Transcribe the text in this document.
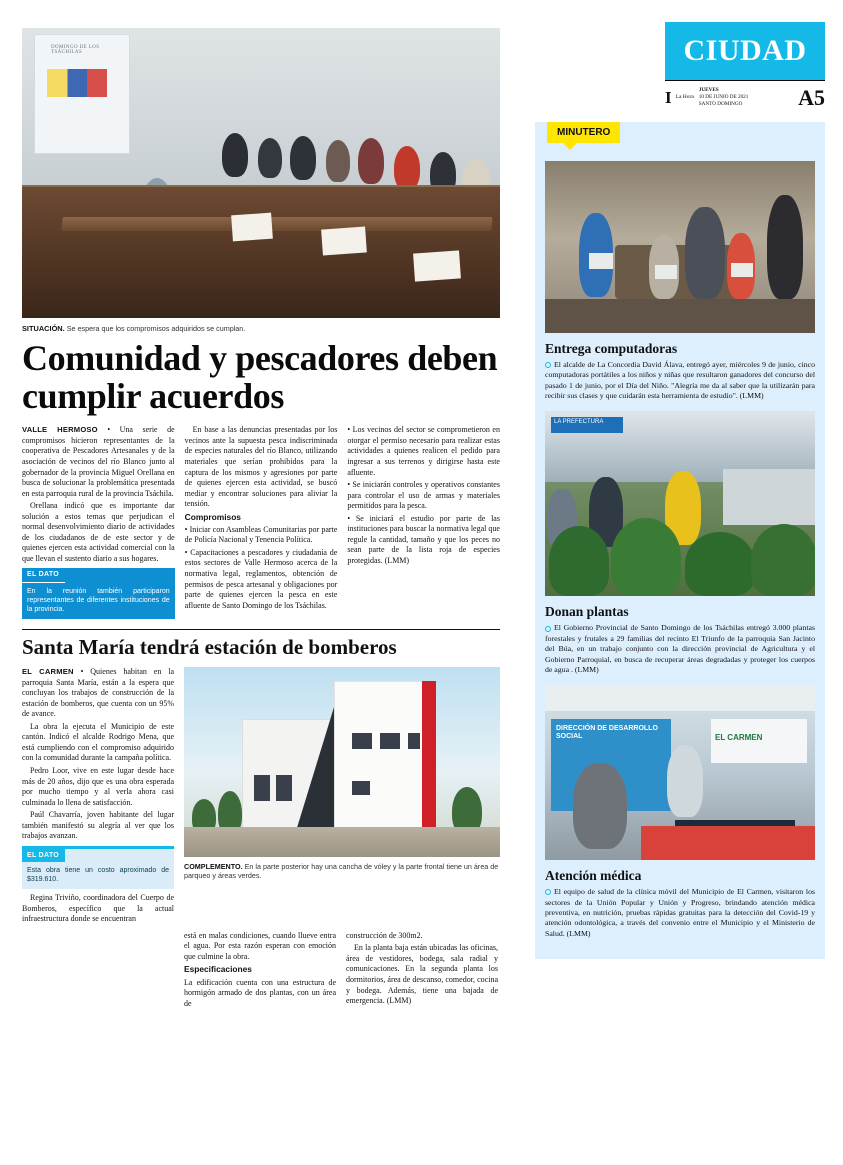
CIUDAD
I La Hora
JUEVES
10 DE JUNIO DE 2021
SANTO DOMINGO	A5
DOMINGO DE LOS TSÁCHILAS
SITUACIÓN. Se espera que los compromisos adquiridos se cumplan.
Comunidad y pescadores deben cumplir acuerdos

VALLE HERMOSO • Una serie de compromisos hicieron representantes de la cooperativa de Pescadores Artesanales y de la asociación de vecinos del río Blanco junto al gobernador de la provincia Miguel Orellana en busca de solucionar la problemática presentada en esta parroquia rural de la provincia Tsáchila.

Orellana indicó que es importante dar solución a estos temas que perjudican el normal desenvolvimiento diario de actividades de los ciudadanos de de este sector y de quienes ejercen esta actividad comercial con la que llevan el sustento diario a sus hogares.

EL DATO
En la reunión también participaron representantes de diferentes instituciones de la provincia.

En base a las denuncias presentadas por los vecinos ante la supuesta pesca indiscriminada de especies naturales del río Blanco, utilizando materiales que serían prohibidos para la captura de los mismos y agresiones por parte de quienes ejercen esta actividad, se buscó mediar y encontrar soluciones para aliviar la tensión.

Compromisos

• Iniciar con Asambleas Comunitarias por parte de Policía Nacional y Tenencia Política.

• Capacitaciones a pescadores y ciudadanía de estos sectores de Valle Hermoso acerca de la normativa legal, reglamentos, obtención de permisos de pesca artesanal y obligaciones por parte de quienes ejercen la pesca en este afluente de Santo Domingo de los Tsáchilas.

• Los vecinos del sector se comprometieron en otorgar el permiso necesario para realizar estas actividades a quienes realicen el pedido para ingresar a sus terrenos y dirigirse hasta este afluente.

• Se iniciarán controles y operativos constantes para controlar el uso de armas y materiales permitidos para la pesca.

• Se iniciará el estudio por parte de las instituciones para buscar la normativa legal que regule la cantidad, tamaño y que los peces no sean parte de la lista roja de especies protegidas. (LMM)

Santa María tendrá estación de bomberos

EL CARMEN • Quienes habitan en la parroquia Santa María, están a la espera que concluyan los trabajos de construcción de la estación de bomberos, que cuenta con un 95% de avance.

La obra la ejecuta el Municipio de este cantón. Indicó el alcalde Rodrigo Mena, que está cumpliendo con el compromiso adquirido con la comunidad durante la campaña política.

Pedro Loor, vive en este lugar desde hace más de 20 años, dijo que es una obra esperada por mucho tiempo y al verla ahora casi culminada lo llena de satisfacción.

Paúl Chavarría, joven habitante del lugar también manifestó su alegría al ver que los trabajos avanzan.

EL DATO
Esta obra tiene un costo aproximado de $319.610.

Regina Triviño, coordinadora del Cuerpo de Bomberos, específico que la actual infraestructura donde se encuentran

COMPLEMENTO. En la parte posterior hay una cancha de vóley y la parte frontal tiene un área de parqueo y áreas verdes.

está en malas condiciones, cuando llueve entra el agua. Por esta razón esperan con emoción que culmine la obra.

Especificaciones

La edificación cuenta con una estructura de hormigón armado de dos plantas, con un área de

construcción de 300m2.

En la planta baja están ubicadas las oficinas, área de vestidores, bodega, sala radial y comunicaciones. En la segunda planta los dormitorios, área de descanso, comedor, cocina y bodega. Además, tiene una bajada de emergencia. (LMM)

MINUTERO
Entrega computadoras
El alcalde de La Concordia David Álava, entregó ayer, miércoles 9 de junio, cinco computadoras portátiles a los niños y niñas que resultaron ganadores del concurso del pasado 1 de junio, por el Día del Niño. "Alegría me da al saber que la utilizarán para recibir sus clases y que cuidarán esta herramienta de estudio". (LMM)
LA PREFECTURA
Donan plantas
El Gobierno Provincial de Santo Domingo de los Tsáchilas entregó 3.000 plantas forestales y frutales a 29 familias del recinto El Triunfo de la parroquia San Jacinto del Búa, en un trabajo conjunto con la dirección provincial de Agricultura y el Gobierno Parroquial, en busca de recuperar áreas degradadas y proteger los cuerpos de agua . (LMM)
DIRECCIÓN DE DESARROLLO SOCIAL	EL CARMEN
Atención médica
El equipo de salud de la clínica móvil del Municipio de El Carmen, visitaron los sectores de la Unión Popular y Unión y Progreso, brindando atención médica preventiva, en nutrición, pruebas rápidas gratuitas para la detección del Covid-19 y atención odontológica, a través del convenio entre el Municipio y el Ministerio de Salud. (LMM)
